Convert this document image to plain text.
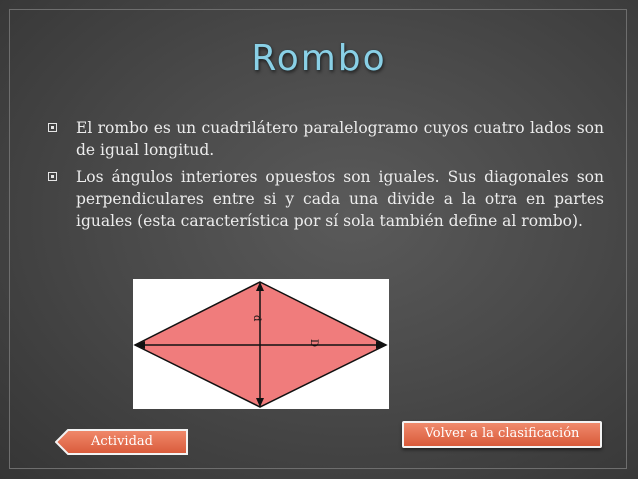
Rombo
El rombo es un cuadrilátero paralelogramo cuyos cuatro lados son de igual longitud.
Los ángulos interiores opuestos son iguales. Sus diagonales son perpendiculares entre si y cada una divide a la otra en partes iguales (esta característica por sí sola también define al rombo).
d
D
Actividad
Volver a la clasificación
